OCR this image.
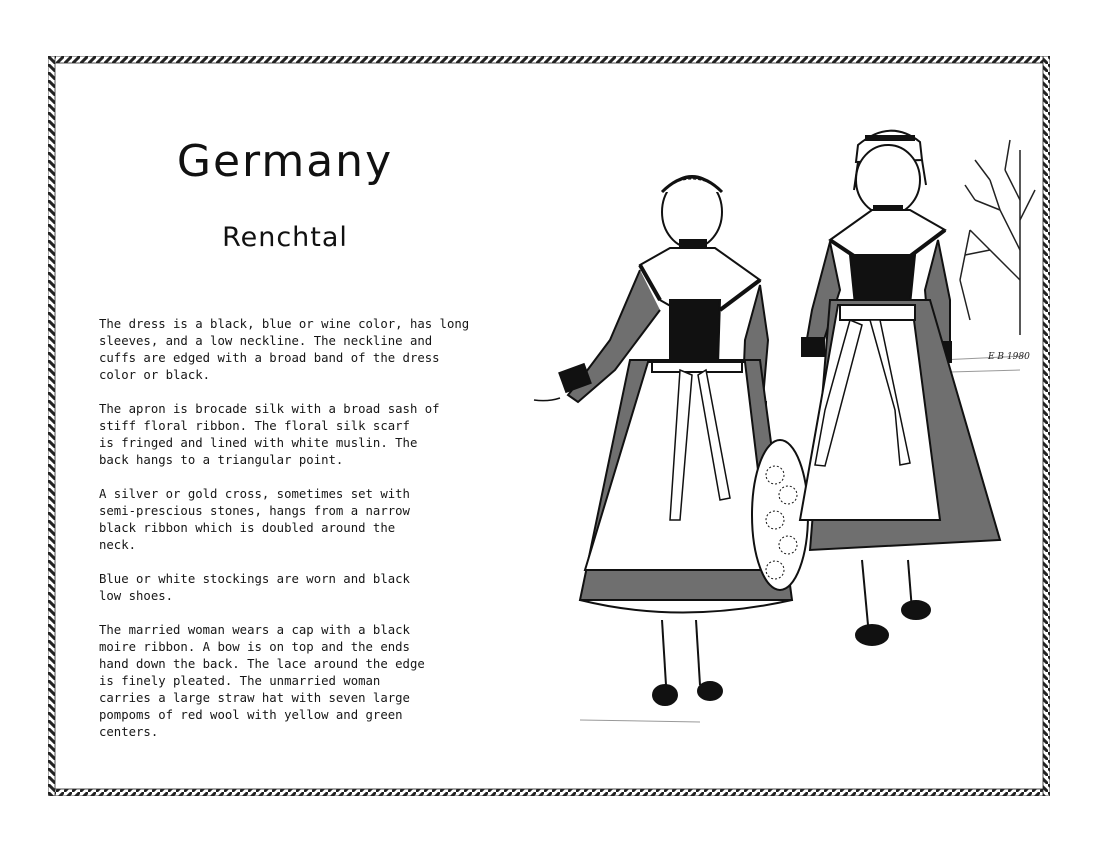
Germany
Renchtal

The dress is a black, blue or wine color, has long
sleeves, and a low neckline. The neckline and
cuffs are edged with a broad band of the dress
color or black.

The apron is brocade silk with a broad sash of
stiff floral ribbon. The floral silk scarf
is fringed and lined with white muslin. The
back hangs to a triangular point.

A silver or gold cross, sometimes set with
semi-prescious stones, hangs from a narrow
black ribbon which is doubled around the
neck.

Blue or white stockings are worn and black
low shoes.

The married woman wears a cap with a black
moire ribbon. A bow is on top and the ends
hand down the back. The lace around the edge
is finely pleated. The unmarried woman
carries a large straw hat with seven large
pompoms of red wool with yellow and green
centers.

E B 1980
